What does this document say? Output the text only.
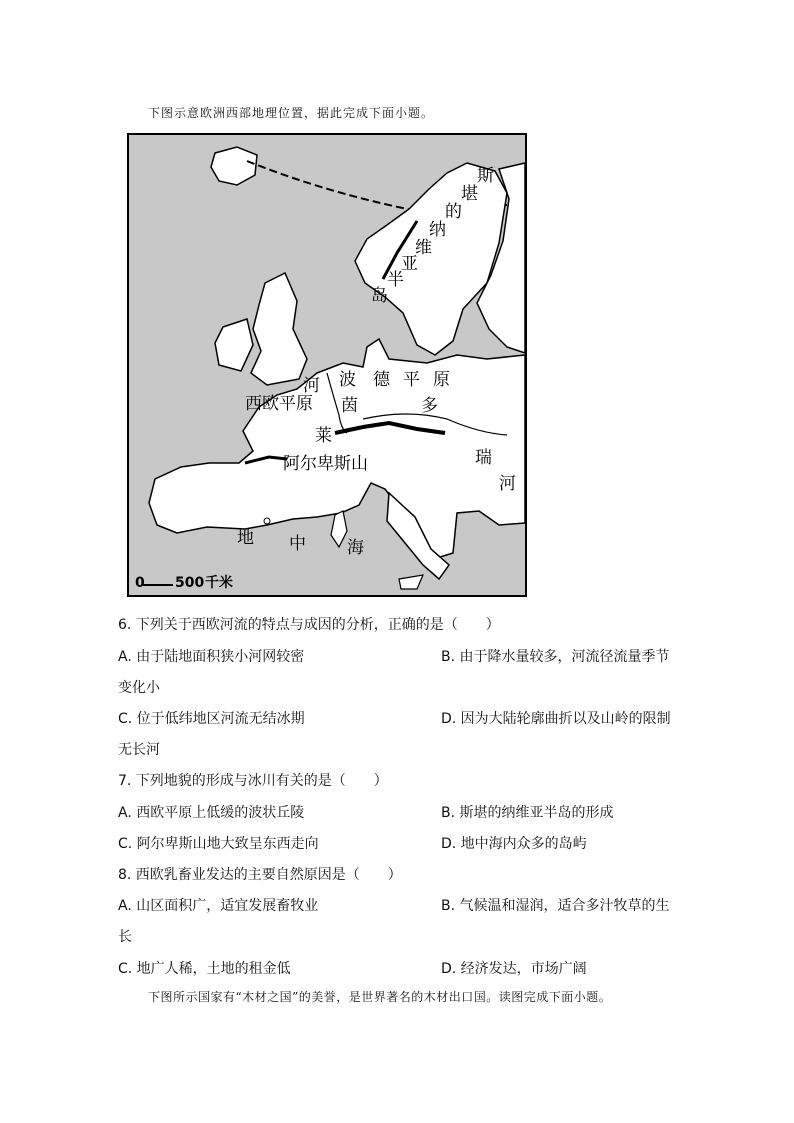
下图示意欧洲西部地理位置，据此完成下面小题。
斯
堪
的
纳
维
亚
半
岛
河 波 德 平 原
西欧平原 茵	多
莱
阿尔卑斯山	瑞
河
地 中 海
0 500 千米
6. 下列关于西欧河流的特点与成因的分析，正确的是（　　）
A. 由于陆地面积狭小河网较密	B. 由于降水量较多，河流径流量季节
变化小
C. 位于低纬地区河流无结冰期	D. 因为大陆轮廓曲折以及山岭的限制
无长河
7. 下列地貌的形成与冰川有关的是（　　）
A. 西欧平原上低缓的波状丘陵	B. 斯堪的纳维亚半岛的形成
C. 阿尔卑斯山地大致呈东西走向	D. 地中海内众多的岛屿
8. 西欧乳畜业发达的主要自然原因是（　　）
A. 山区面积广，适宜发展畜牧业	B. 气候温和湿润，适合多汁牧草的生
长
C. 地广人稀，土地的租金低	D. 经济发达，市场广阔
下图所示国家有“木材之国”的美誉，是世界著名的木材出口国。读图完成下面小题。
